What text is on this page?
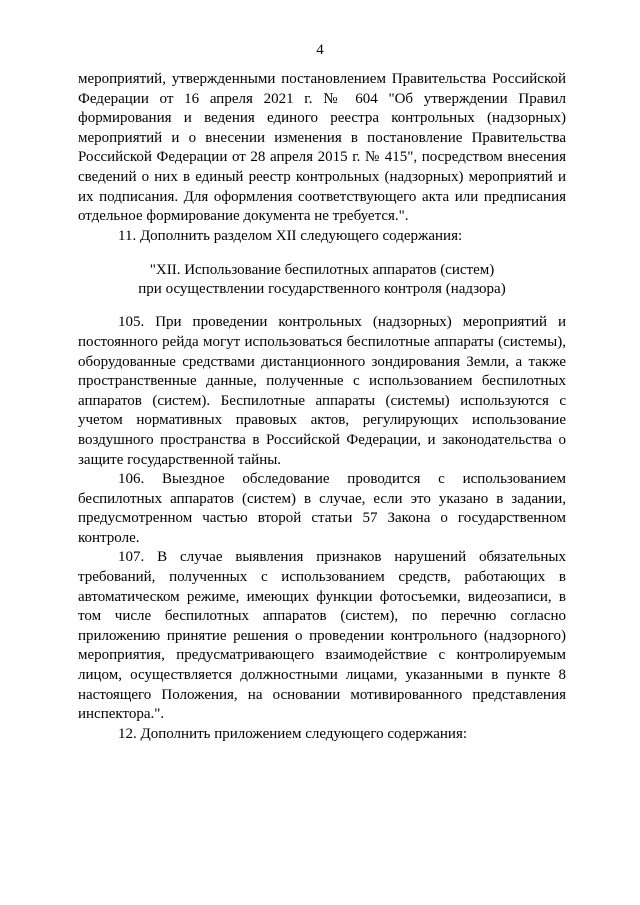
4

мероприятий, утвержденными постановлением Правительства Российской Федерации от 16 апреля 2021 г. № 604 "Об утверждении Правил формирования и ведения единого реестра контрольных (надзорных) мероприятий и о внесении изменения в постановление Правительства Российской Федерации от 28 апреля 2015 г. № 415", посредством внесения сведений о них в единый реестр контрольных (надзорных) мероприятий и их подписания. Для оформления соответствующего акта или предписания отдельное формирование документа не требуется.".

11. Дополнить разделом XII следующего содержания:

"XII. Использование беспилотных аппаратов (систем)
при осуществлении государственного контроля (надзора)

105. При проведении контрольных (надзорных) мероприятий и постоянного рейда могут использоваться беспилотные аппараты (системы), оборудованные средствами дистанционного зондирования Земли, а также пространственные данные, полученные с использованием беспилотных аппаратов (систем). Беспилотные аппараты (системы) используются с учетом нормативных правовых актов, регулирующих использование воздушного пространства в Российской Федерации, и законодательства о защите государственной тайны.

106. Выездное обследование проводится с использованием беспилотных аппаратов (систем) в случае, если это указано в задании, предусмотренном частью второй статьи 57 Закона о государственном контроле.

107. В случае выявления признаков нарушений обязательных требований, полученных с использованием средств, работающих в автоматическом режиме, имеющих функции фотосъемки, видеозаписи, в том числе беспилотных аппаратов (систем), по перечню согласно приложению принятие решения о проведении контрольного (надзорного) мероприятия, предусматривающего взаимодействие с контролируемым лицом, осуществляется должностными лицами, указанными в пункте 8 настоящего Положения, на основании мотивированного представления инспектора.".

12. Дополнить приложением следующего содержания:
